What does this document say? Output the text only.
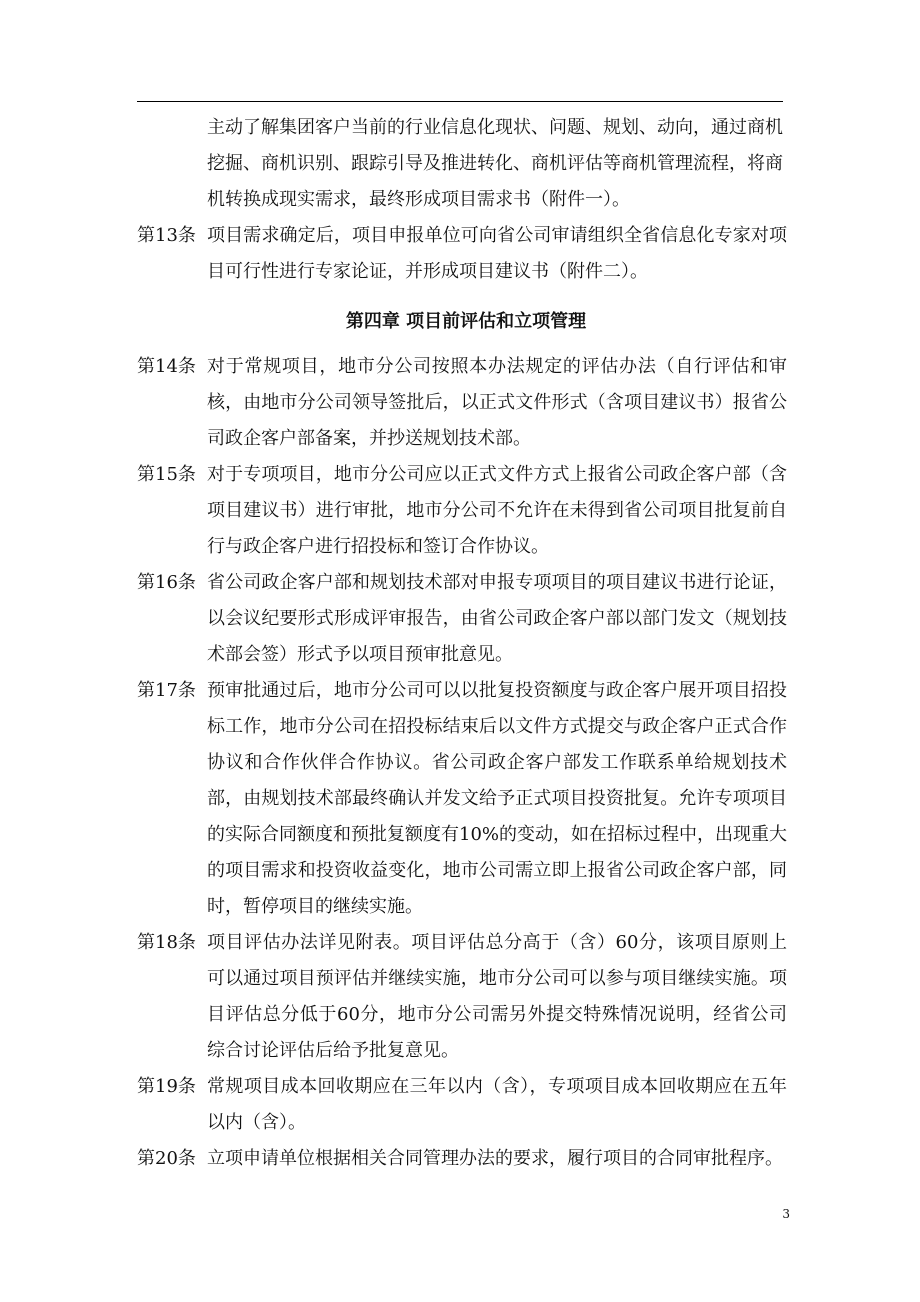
主动了解集团客户当前的行业信息化现状、问题、规划、动向，通过商机挖掘、商机识别、跟踪引导及推进转化、商机评估等商机管理流程，将商机转换成现实需求，最终形成项目需求书（附件一）。
第13条 项目需求确定后，项目申报单位可向省公司审请组织全省信息化专家对项目可行性进行专家论证，并形成项目建议书（附件二）。
第四章 项目前评估和立项管理
第14条 对于常规项目，地市分公司按照本办法规定的评估办法（自行评估和审核，由地市分公司领导签批后，以正式文件形式（含项目建议书）报省公司政企客户部备案，并抄送规划技术部。
第15条 对于专项项目，地市分公司应以正式文件方式上报省公司政企客户部（含项目建议书）进行审批，地市分公司不允许在未得到省公司项目批复前自行与政企客户进行招投标和签订合作协议。
第16条 省公司政企客户部和规划技术部对申报专项项目的项目建议书进行论证，以会议纪要形式形成评审报告，由省公司政企客户部以部门发文（规划技术部会签）形式予以项目预审批意见。
第17条 预审批通过后，地市分公司可以以批复投资额度与政企客户展开项目招投标工作，地市分公司在招投标结束后以文件方式提交与政企客户正式合作协议和合作伙伴合作协议。省公司政企客户部发工作联系单给规划技术部，由规划技术部最终确认并发文给予正式项目投资批复。允许专项项目的实际合同额度和预批复额度有10%的变动，如在招标过程中，出现重大的项目需求和投资收益变化，地市公司需立即上报省公司政企客户部，同时，暂停项目的继续实施。
第18条 项目评估办法详见附表。项目评估总分高于（含）60分，该项目原则上可以通过项目预评估并继续实施，地市分公司可以参与项目继续实施。项目评估总分低于60分，地市分公司需另外提交特殊情况说明，经省公司综合讨论评估后给予批复意见。
第19条 常规项目成本回收期应在三年以内（含），专项项目成本回收期应在五年以内（含）。
第20条 立项申请单位根据相关合同管理办法的要求，履行项目的合同审批程序。
3
